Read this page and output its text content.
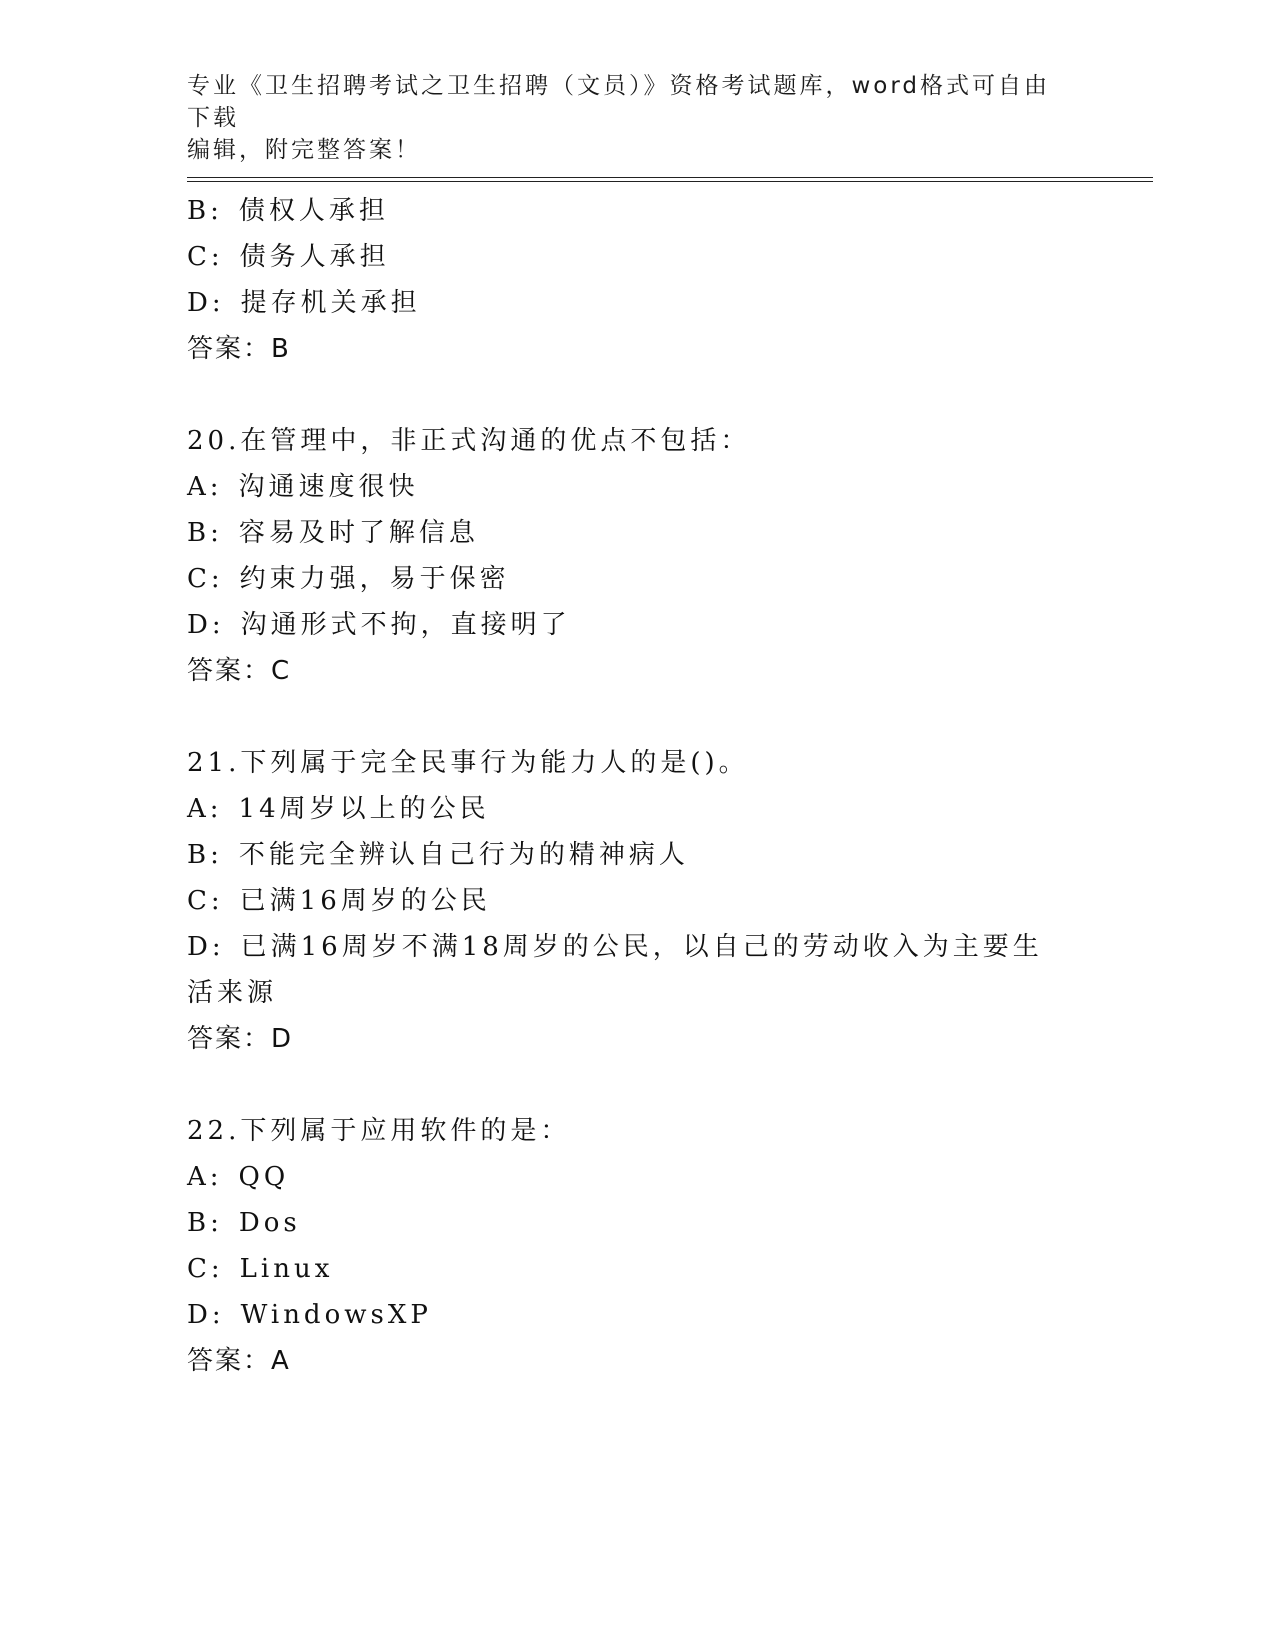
专业《卫生招聘考试之卫生招聘（文员）》资格考试题库，word格式可自由下载
编辑，附完整答案！
B: 债权人承担
C: 债务人承担
D: 提存机关承担
答案：B
20.在管理中，非正式沟通的优点不包括：
A: 沟通速度很快
B: 容易及时了解信息
C: 约束力强，易于保密
D: 沟通形式不拘，直接明了
答案：C
21.下列属于完全民事行为能力人的是()。
A: 14周岁以上的公民
B: 不能完全辨认自己行为的精神病人
C: 已满16周岁的公民
D: 已满16周岁不满18周岁的公民，以自己的劳动收入为主要生活来源
答案：D
22.下列属于应用软件的是：
A: QQ
B: Dos
C: Linux
D: WindowsXP
答案：A
